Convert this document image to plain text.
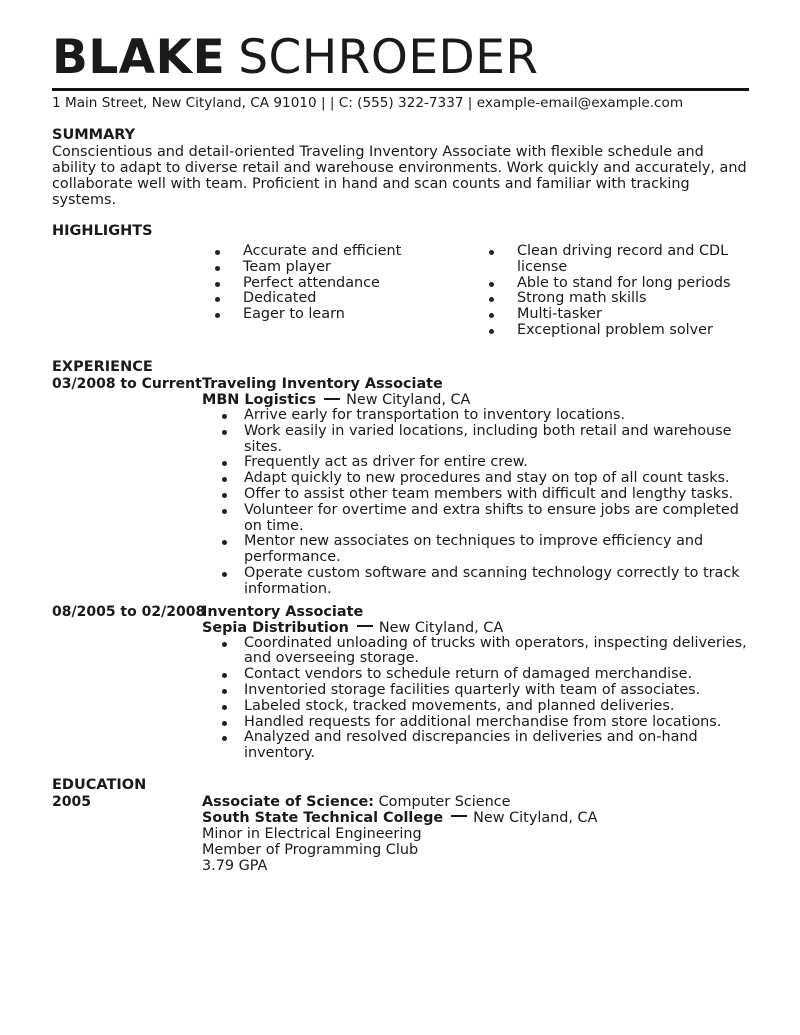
BLAKE SCHROEDER
1 Main Street, New Cityland, CA 91010 | | C: (555) 322-7337 | example-email@example.com
SUMMARY
Conscientious and detail-oriented Traveling Inventory Associate with flexible schedule and ability to adapt to diverse retail and warehouse environments. Work quickly and accurately, and collaborate well with team. Proficient in hand and scan counts and familiar with tracking systems.
HIGHLIGHTS
Accurate and efficient
Team player
Perfect attendance
Dedicated
Eager to learn
Clean driving record and CDL license
Able to stand for long periods
Strong math skills
Multi-tasker
Exceptional problem solver
EXPERIENCE
03/2008 to Current Traveling Inventory Associate
MBN Logistics New Cityland, CA
Arrive early for transportation to inventory locations.
Work easily in varied locations, including both retail and warehouse sites.
Frequently act as driver for entire crew.
Adapt quickly to new procedures and stay on top of all count tasks.
Offer to assist other team members with difficult and lengthy tasks.
Volunteer for overtime and extra shifts to ensure jobs are completed on time.
Mentor new associates on techniques to improve efficiency and performance.
Operate custom software and scanning technology correctly to track information.
08/2005 to 02/2008
Inventory Associate
Sepia Distribution New Cityland, CA
Coordinated unloading of trucks with operators, inspecting deliveries, and overseeing storage.
Contact vendors to schedule return of damaged merchandise.
Inventoried storage facilities quarterly with team of associates.
Labeled stock, tracked movements, and planned deliveries.
Handled requests for additional merchandise from store locations.
Analyzed and resolved discrepancies in deliveries and on-hand inventory.
EDUCATION
2005	Associate of Science: Computer Science
South State Technical College New Cityland, CA
Minor in Electrical Engineering
Member of Programming Club
3.79 GPA
